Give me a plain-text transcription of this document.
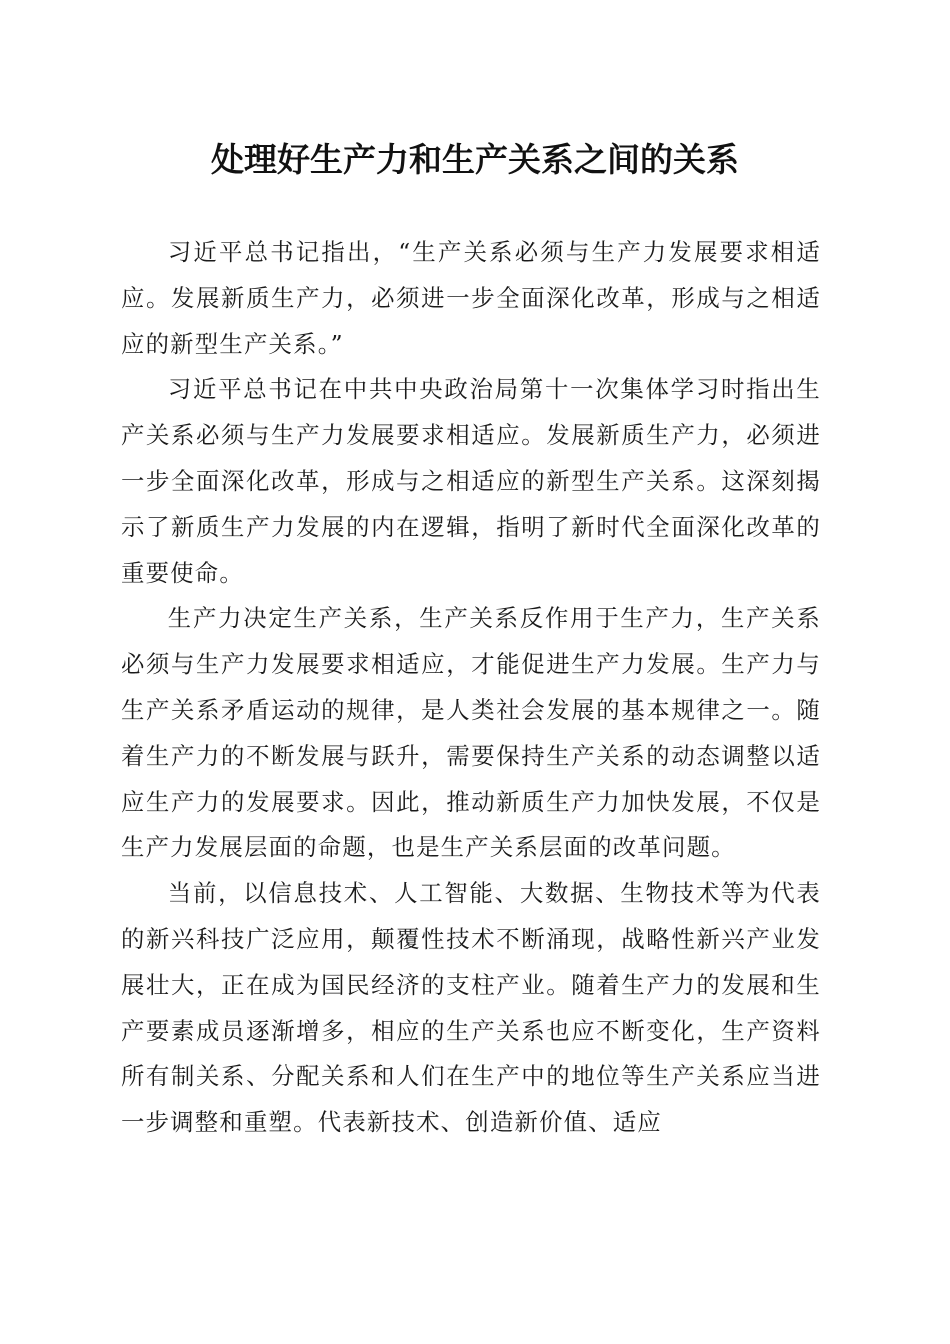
处理好生产力和生产关系之间的关系

习近平总书记指出，“生产关系必须与生产力发展要求相适应。发展新质生产力，必须进一步全面深化改革，形成与之相适应的新型生产关系。”

习近平总书记在中共中央政治局第十一次集体学习时指出生产关系必须与生产力发展要求相适应。发展新质生产力，必须进一步全面深化改革，形成与之相适应的新型生产关系。这深刻揭示了新质生产力发展的内在逻辑，指明了新时代全面深化改革的重要使命。

生产力决定生产关系，生产关系反作用于生产力，生产关系必须与生产力发展要求相适应，才能促进生产力发展。生产力与生产关系矛盾运动的规律，是人类社会发展的基本规律之一。随着生产力的不断发展与跃升，需要保持生产关系的动态调整以适应生产力的发展要求。因此，推动新质生产力加快发展，不仅是生产力发展层面的命题，也是生产关系层面的改革问题。

当前，以信息技术、人工智能、大数据、生物技术等为代表的新兴科技广泛应用，颠覆性技术不断涌现，战略性新兴产业发展壮大，正在成为国民经济的支柱产业。随着生产力的发展和生产要素成员逐渐增多，相应的生产关系也应不断变化，生产资料所有制关系、分配关系和人们在生产中的地位等生产关系应当进一步调整和重塑。代表新技术、创造新价值、适应
